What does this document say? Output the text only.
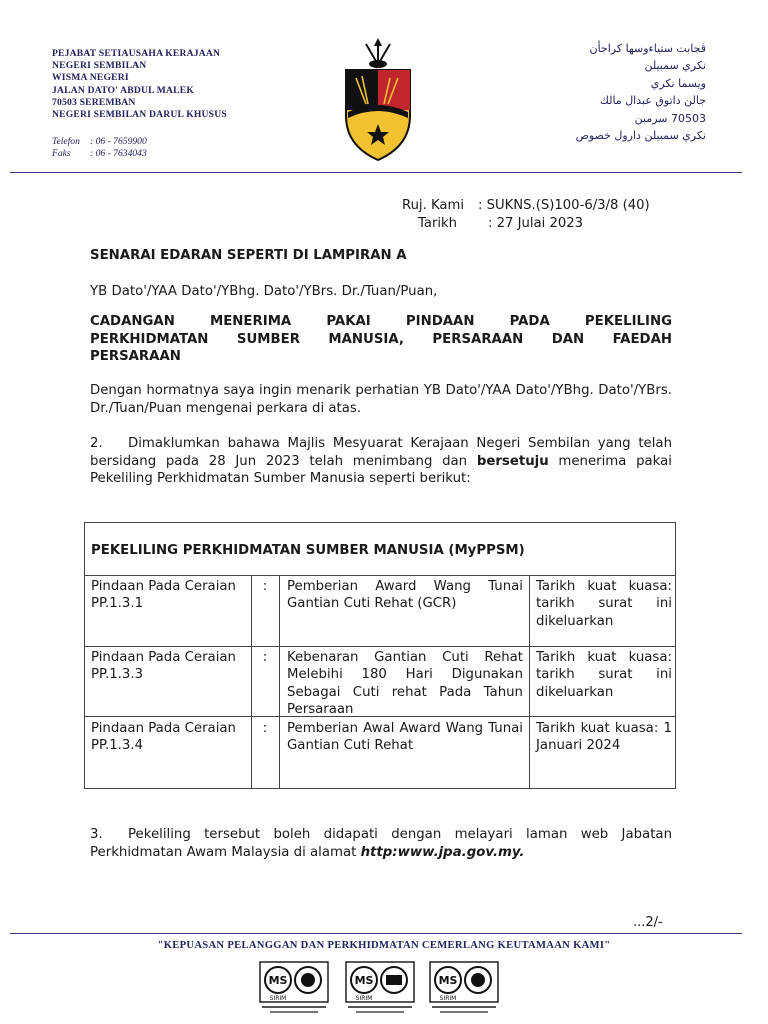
PEJABAT SETIAUSAHA KERAJAAN
NEGERI SEMBILAN
WISMA NEGERI
JALAN DATO' ABDUL MALEK
70503 SEREMBAN
NEGERI SEMBILAN DARUL KHUSUS
Telefon : 06 - 7659900
Faks : 06 - 7634043
ڤجابت ستياءوسها كراجأن
نكري سمبيلن
ويسما نكري
جالن داتوق عبدال مالك
70503 سرمبن
نكري سمبيلن دارول خصوص
Ruj. Kami : SUKNS.(S)100-6/3/8 (40)
Tarikh : 27 Julai 2023
SENARAI EDARAN SEPERTI DI LAMPIRAN A
YB Dato'/YAA Dato'/YBhg. Dato'/YBrs. Dr./Tuan/Puan,
CADANGAN MENERIMA PAKAI PINDAAN PADA PEKELILING PERKHIDMATAN SUMBER MANUSIA, PERSARAAN DAN FAEDAH PERSARAAN
Dengan hormatnya saya ingin menarik perhatian YB Dato'/YAA Dato'/YBhg. Dato'/YBrs. Dr./Tuan/Puan mengenai perkara di atas.
2. Dimaklumkan bahawa Majlis Mesyuarat Kerajaan Negeri Sembilan yang telah bersidang pada 28 Jun 2023 telah menimbang dan bersetuju menerima pakai Pekeliling Perkhidmatan Sumber Manusia seperti berikut:
PEKELILING PERKHIDMATAN SUMBER MANUSIA (MyPPSM)
Pindaan Pada Ceraian PP.1.3.1
: Pemberian Award Wang Tunai Gantian Cuti Rehat (GCR)
Tarikh kuat kuasa: tarikh surat ini dikeluarkan
Pindaan Pada Ceraian PP.1.3.3
: Kebenaran Gantian Cuti Rehat Melebihi 180 Hari Digunakan Sebagai Cuti rehat Pada Tahun Persaraan
Tarikh kuat kuasa: tarikh surat ini dikeluarkan
Pindaan Pada Ceraian PP.1.3.4
: Pemberian Awal Award Wang Tunai Gantian Cuti Rehat
Tarikh kuat kuasa: 1 Januari 2024
3. Pekeliling tersebut boleh didapati dengan melayari laman web Jabatan Perkhidmatan Awam Malaysia di alamat http:www.jpa.gov.my.
...2/-
"KEPUASAN PELANGGAN DAN PERKHIDMATAN CEMERLANG KEUTAMAAN KAMI"
MS
SIRIM
MS
SIRIM
MS
SIRIM
